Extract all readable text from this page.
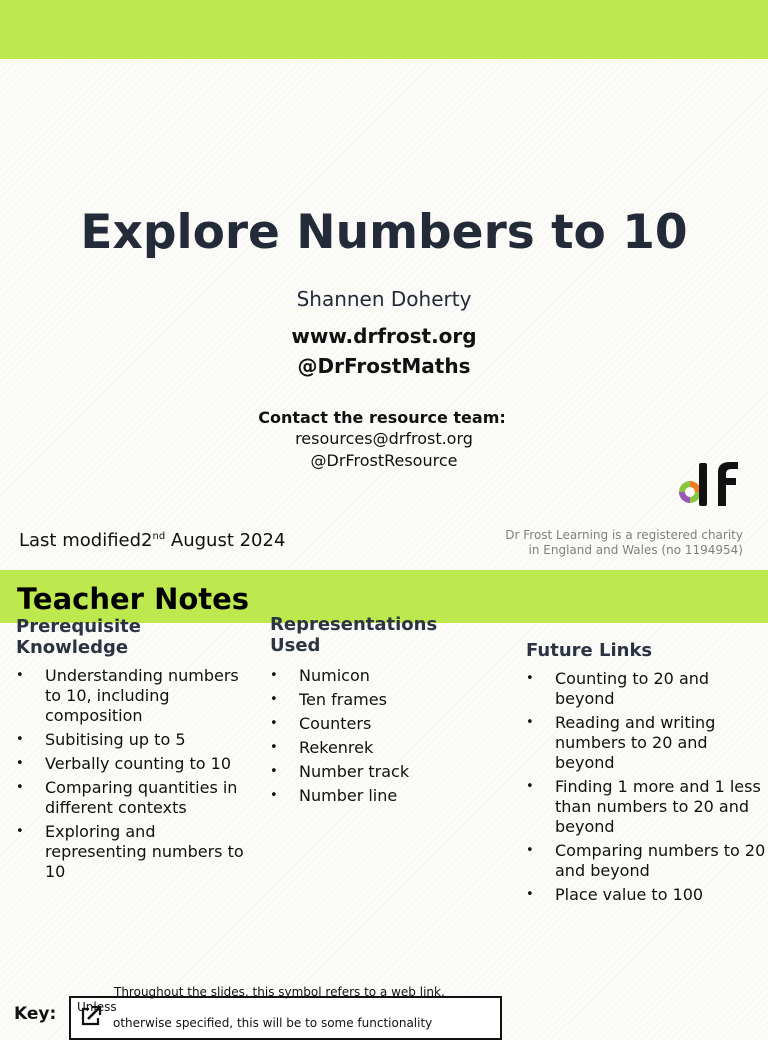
Explore Numbers to 10
Shannen Doherty
www.drfrost.org
@DrFrostMaths
Contact the resource team:
resources@drfrost.org
@DrFrostResource
Last modified2nd August 2024	Dr Frost Learning is a registered charity in England and Wales (no 1194954)
Teacher Notes
Prerequisite Knowledge
• Understanding numbers to 10, including composition
• Subitising up to 5
• Verbally counting to 10
• Comparing quantities in different contexts
• Exploring and representing numbers to 10
Representations Used
• Numicon
• Ten frames
• Counters
• Rekenrek
• Number track
• Number line
Future Links
• Counting to 20 and beyond
• Reading and writing numbers to 20 and beyond
• Finding 1 more and 1 less than numbers to 20 and beyond
• Comparing numbers to 20 and beyond
• Place value to 100
Key:
Throughout the slides, this symbol refers to a web link,
Unless
otherwise specified, this will be to some functionality
